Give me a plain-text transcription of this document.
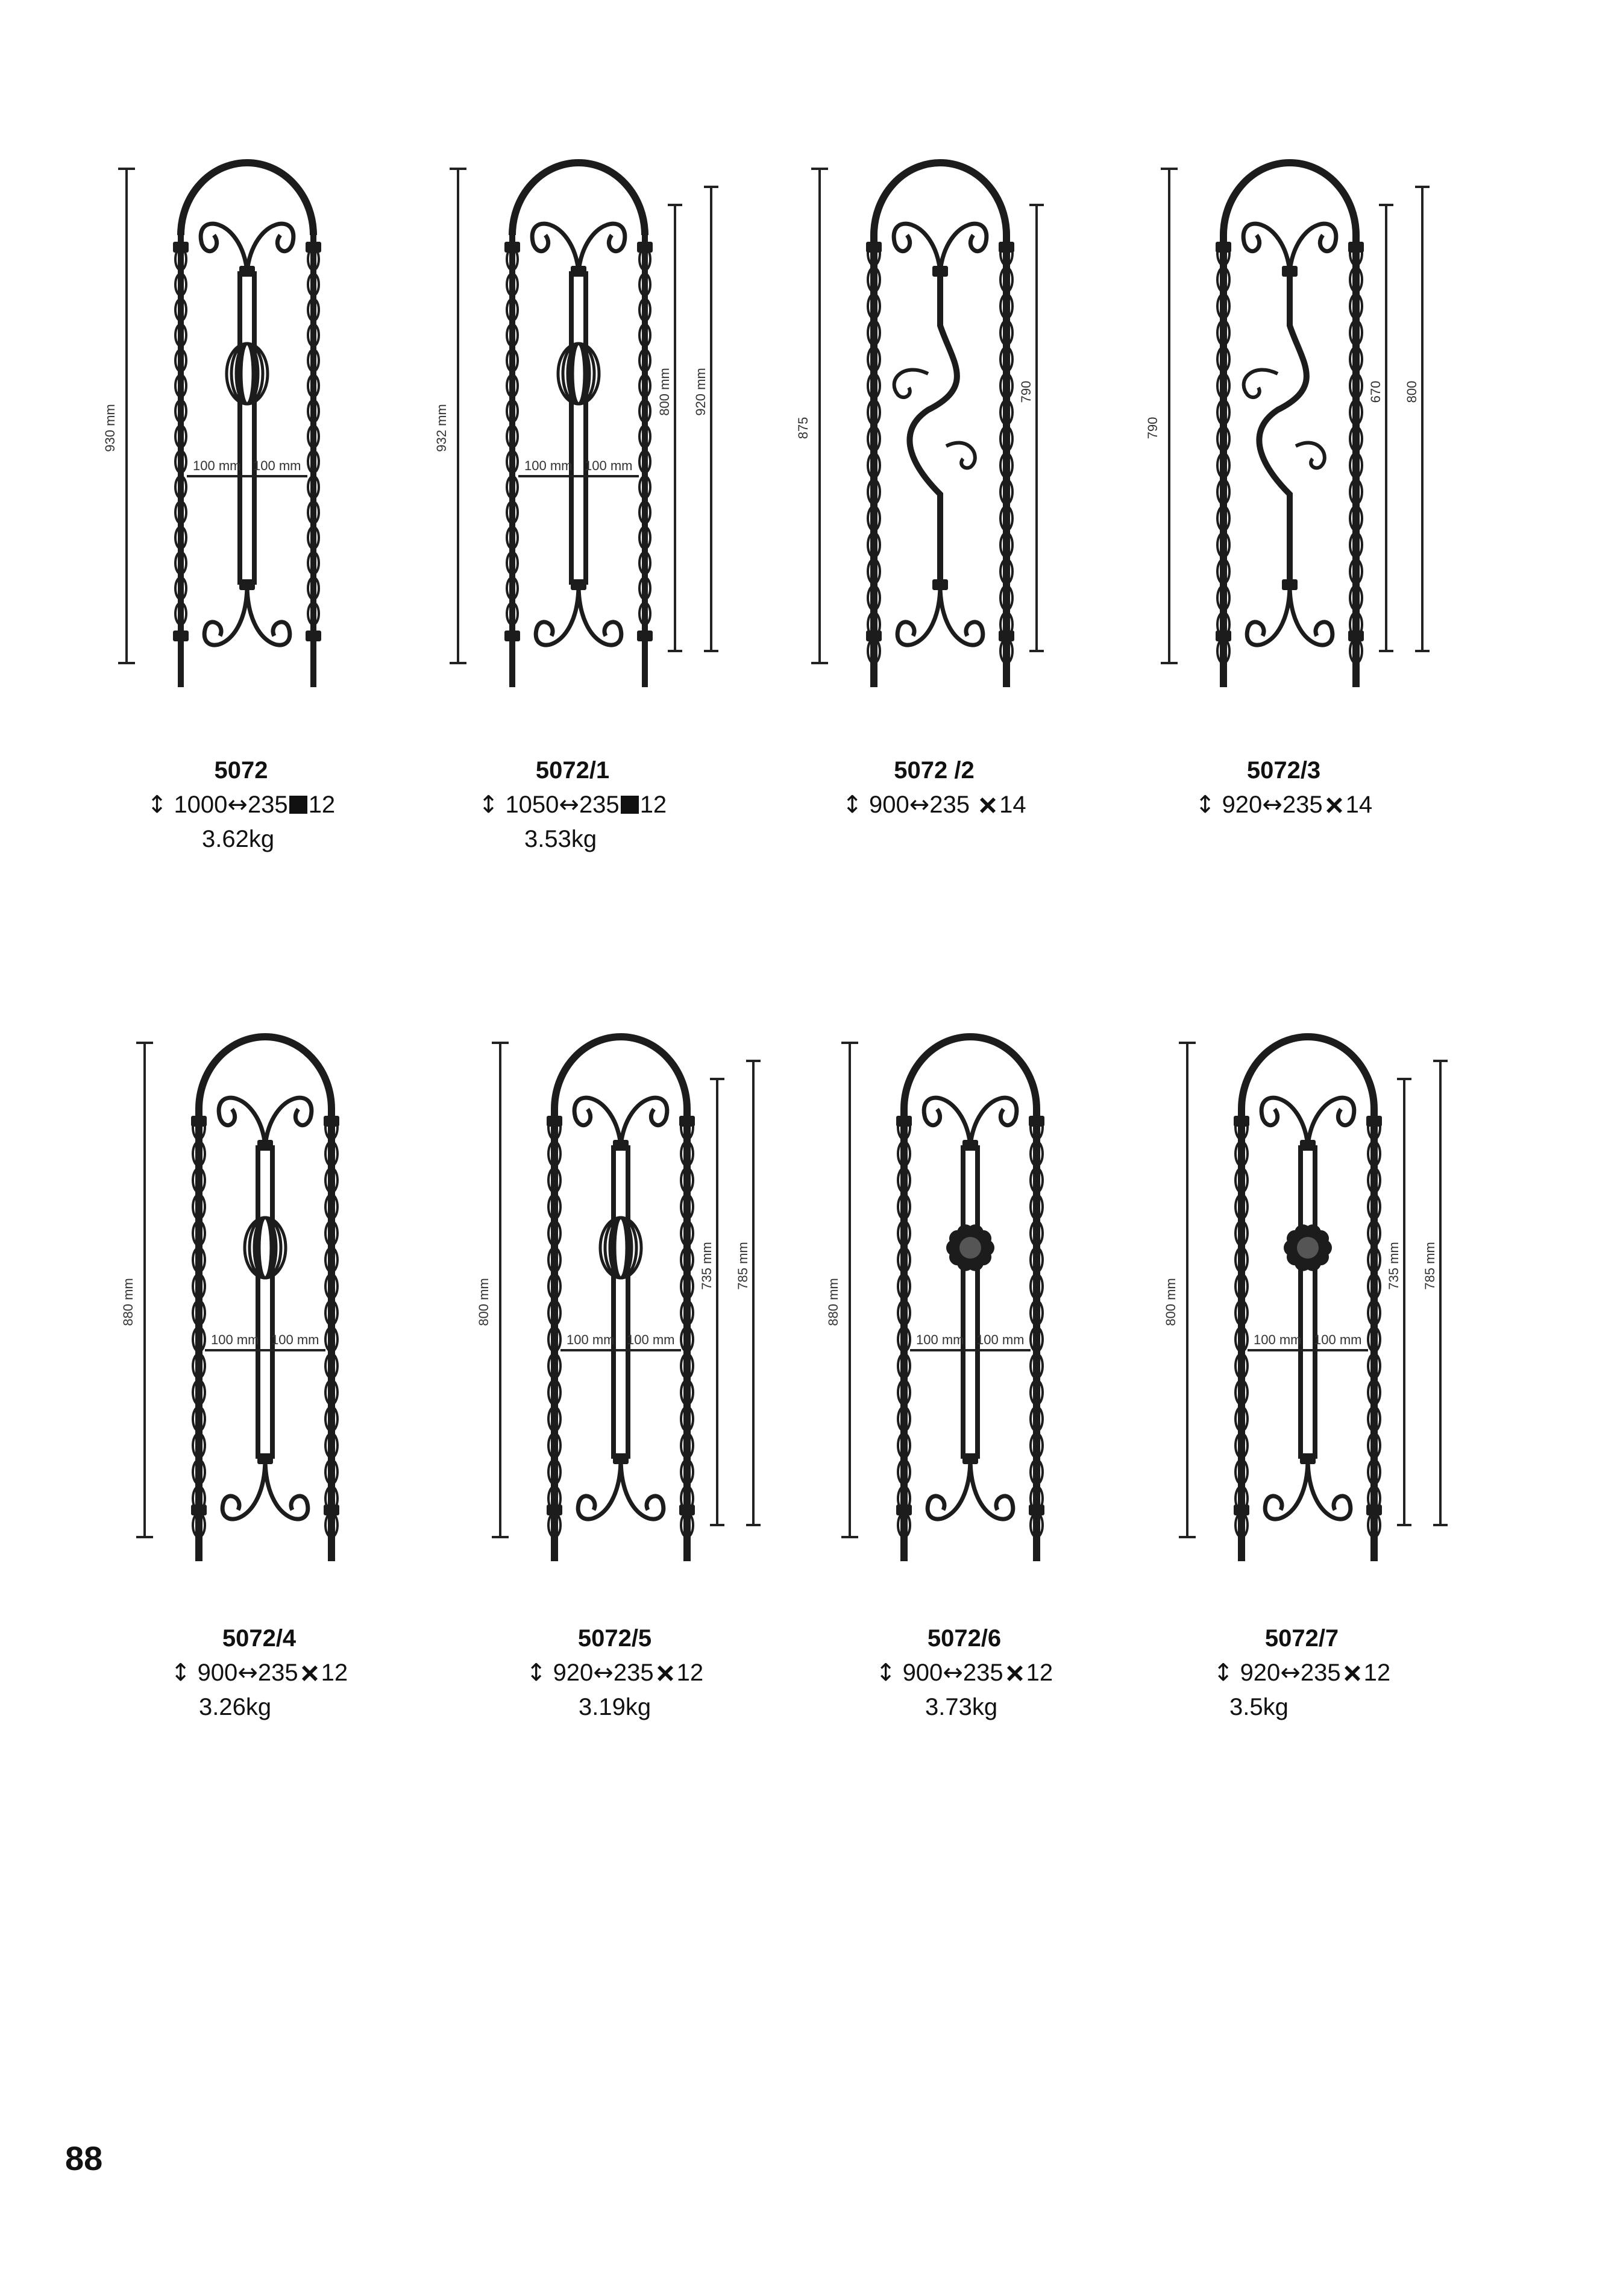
100 mm 100 mm
930 mm
5072
↕ 1000↔235 12
3.62kg
100 mm 100 mm
932 mm
800 mm 920 mm
5072/1
↕ 1050↔235 12
3.53kg
875
790
5072 /2
↕ 900↔235 14
790
670 800
5072/3
↕ 920↔235 14
100 mm 100 mm
880 mm
5072/4
↕ 900↔235 12
3.26kg
100 mm 100 mm
800 mm
735 mm 785 mm
5072/5
↕ 920↔235 12
3.19kg
100 mm 100 mm
880 mm
5072/6
↕ 900↔235 12
3.73kg
100 mm 100 mm
800 mm
735 mm 785 mm
5072/7
↕ 920↔235 12
3.5kg
88
